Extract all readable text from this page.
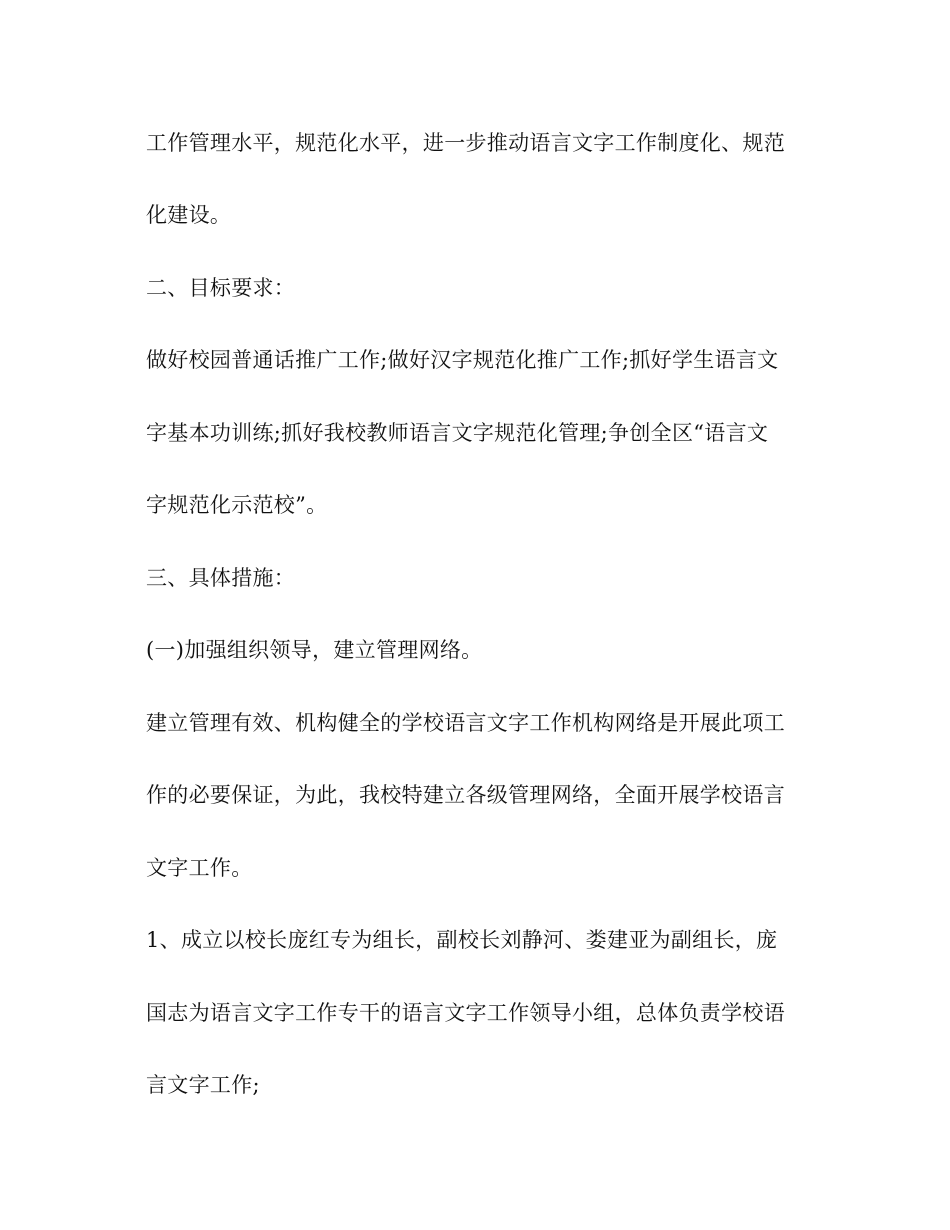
工作管理水平，规范化水平，进一步推动语言文字工作制度化、规范

化建设。

二、目标要求：

做好校园普通话推广工作;做好汉字规范化推广工作;抓好学生语言文

字基本功训练;抓好我校教师语言文字规范化管理;争创全区“语言文

字规范化示范校”。

三、具体措施：

(一)加强组织领导，建立管理网络。

建立管理有效、机构健全的学校语言文字工作机构网络是开展此项工

作的必要保证，为此，我校特建立各级管理网络，全面开展学校语言

文字工作。

1、成立以校长庞红专为组长，副校长刘静河、娄建亚为副组长，庞

国志为语言文字工作专干的语言文字工作领导小组，总体负责学校语

言文字工作;
